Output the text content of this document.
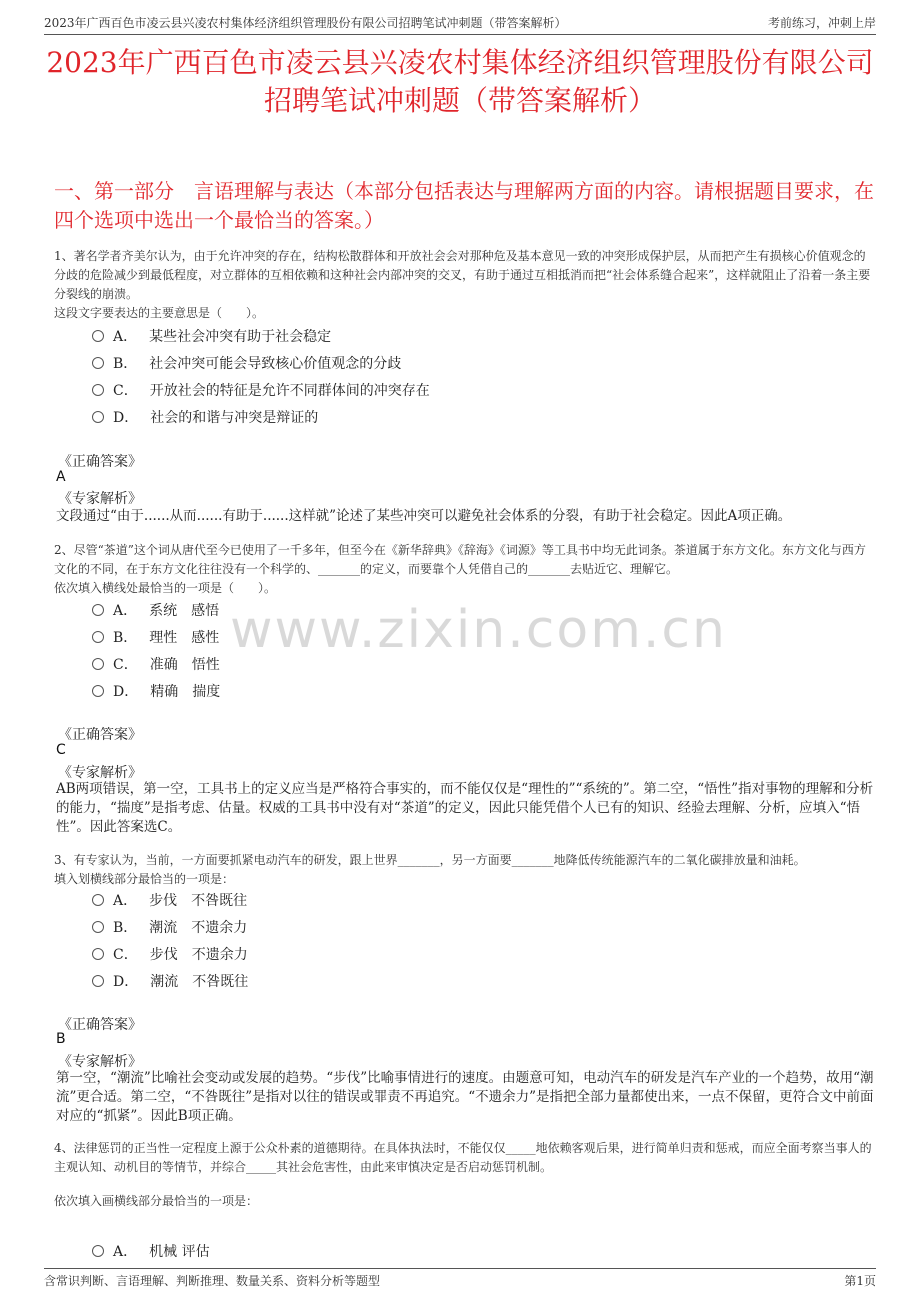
2023年广西百色市凌云县兴凌农村集体经济组织管理股份有限公司招聘笔试冲刺题（带答案解析）	考前练习，冲刺上岸
2023年广西百色市凌云县兴凌农村集体经济组织管理股份有限公司招聘笔试冲刺题（带答案解析）
一、第一部分　言语理解与表达（本部分包括表达与理解两方面的内容。请根据题目要求，在四个选项中选出一个最恰当的答案。）
www.zixin.com.cn
1、著名学者齐美尔认为，由于允许冲突的存在，结构松散群体和开放社会会对那种危及基本意见一致的冲突形成保护层，从而把产生有损核心价值观念的分歧的危险减少到最低程度，对立群体的互相依赖和这种社会内部冲突的交叉，有助于通过互相抵消而把“社会体系缝合起来”，这样就阻止了沿着一条主要分裂线的崩溃。
这段文字要表达的主要意思是（　　）。
A． 某些社会冲突有助于社会稳定
B． 社会冲突可能会导致核心价值观念的分歧
C． 开放社会的特征是允许不同群体间的冲突存在
D． 社会的和谐与冲突是辩证的
《正确答案》
A
《专家解析》
文段通过“由于......从而......有助于......这样就”论述了某些冲突可以避免社会体系的分裂，有助于社会稳定。因此A项正确。
2、尽管“茶道”这个词从唐代至今已使用了一千多年，但至今在《新华辞典》《辞海》《词源》等工具书中均无此词条。茶道属于东方文化。东方文化与西方文化的不同，在于东方文化往往没有一个科学的、_______的定义，而要靠个人凭借自己的_______去贴近它、理解它。
依次填入横线处最恰当的一项是（　　）。
A． 系统　感悟
B． 理性　感性
C． 准确　悟性
D． 精确　揣度
《正确答案》
C
《专家解析》
AB两项错误，第一空，工具书上的定义应当是严格符合事实的，而不能仅仅是“理性的”“系统的”。第二空，“悟性”指对事物的理解和分析的能力，“揣度”是指考虑、估量。权威的工具书中没有对“茶道”的定义，因此只能凭借个人已有的知识、经验去理解、分析，应填入“悟性”。因此答案选C。
3、有专家认为，当前，一方面要抓紧电动汽车的研发，跟上世界_______，另一方面要_______地降低传统能源汽车的二氧化碳排放量和油耗。
填入划横线部分最恰当的一项是：
A． 步伐　不咎既往
B． 潮流　不遗余力
C． 步伐　不遗余力
D． 潮流　不咎既往
《正确答案》
B
《专家解析》
第一空，“潮流”比喻社会变动或发展的趋势。“步伐”比喻事情进行的速度。由题意可知，电动汽车的研发是汽车产业的一个趋势，故用“潮流”更合适。第二空，“不咎既往”是指对以往的错误或罪责不再追究。“不遗余力”是指把全部力量都使出来，一点不保留，更符合文中前面对应的“抓紧”。因此B项正确。
4、法律惩罚的正当性一定程度上源于公众朴素的道德期待。在具体执法时，不能仅仅_____地依赖客观后果，进行简单归责和惩戒，而应全面考察当事人的主观认知、动机目的等情节，并综合_____其社会危害性，由此来审慎决定是否启动惩罚机制。
依次填入画横线部分最恰当的一项是：
A． 机械 评估
含常识判断、言语理解、判断推理、数量关系、资料分析等题型	第1页
